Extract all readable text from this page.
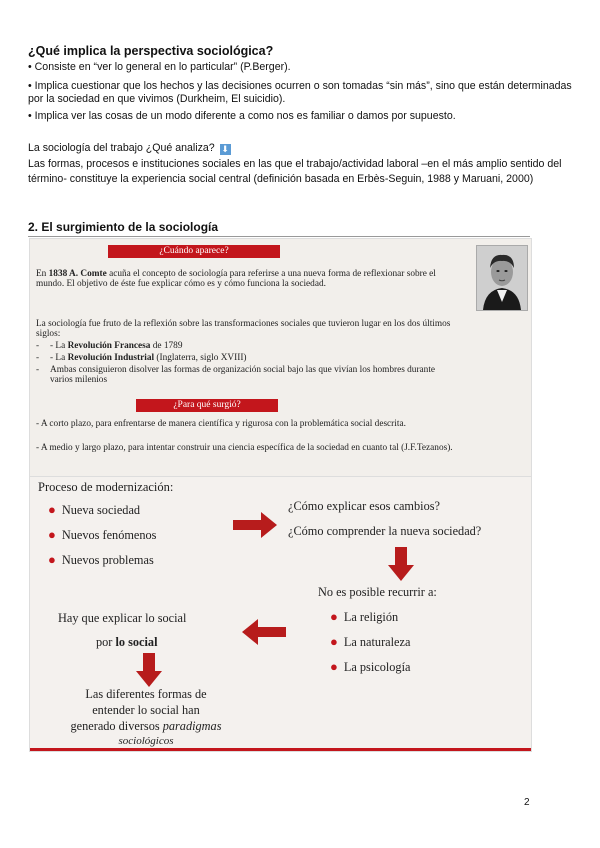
¿Qué implica la perspectiva sociológica?
• Consiste en “ver lo general en lo particular” (P.Berger).
• Implica cuestionar que los hechos y las decisiones ocurren o son tomadas “sin más”, sino que están determinadas por la sociedad en que vivimos (Durkheim, El suicidio).
• Implica ver las cosas de un modo diferente a como nos es familiar o damos por supuesto.
La sociología del trabajo ¿Qué analiza? ⬇
Las formas, procesos e instituciones sociales en las que el trabajo/actividad laboral –en el más amplio sentido del término- constituye la experiencia social central (definición basada en Erbès-Seguin, 1988 y Maruani, 2000)
2. El surgimiento de la sociología
¿Cuándo aparece?
En 1838 A. Comte acuña el concepto de sociología para referirse a una nueva forma de reflexionar sobre el mundo. El objetivo de éste fue explicar cómo es y cómo funciona la sociedad.
La sociología fue fruto de la reflexión sobre las transformaciones sociales que tuvieron lugar en los dos últimos siglos:
-	- La Revolución Francesa de 1789
-	- La Revolución Industrial (Inglaterra, siglo XVIII)
-	Ambas consiguieron disolver las formas de organización social bajo las que vivían los hombres durante varios milenios
¿Para qué surgió?
- A corto plazo, para enfrentarse de manera científica y rigurosa con la problemática social descrita.
- A medio y largo plazo, para intentar construir una ciencia específica de la sociedad en cuanto tal (J.F.Tezanos).
Proceso de modernización:
● Nueva sociedad
● Nuevos fenómenos
● Nuevos problemas
¿Cómo explicar esos cambios?
¿Cómo comprender la nueva sociedad?
No es posible recurrir a:
● La religión
● La naturaleza
● La psicología
Hay que explicar lo social
por lo social
Las diferentes formas de
entender lo social han
generado diversos paradigmas
sociológicos
2
